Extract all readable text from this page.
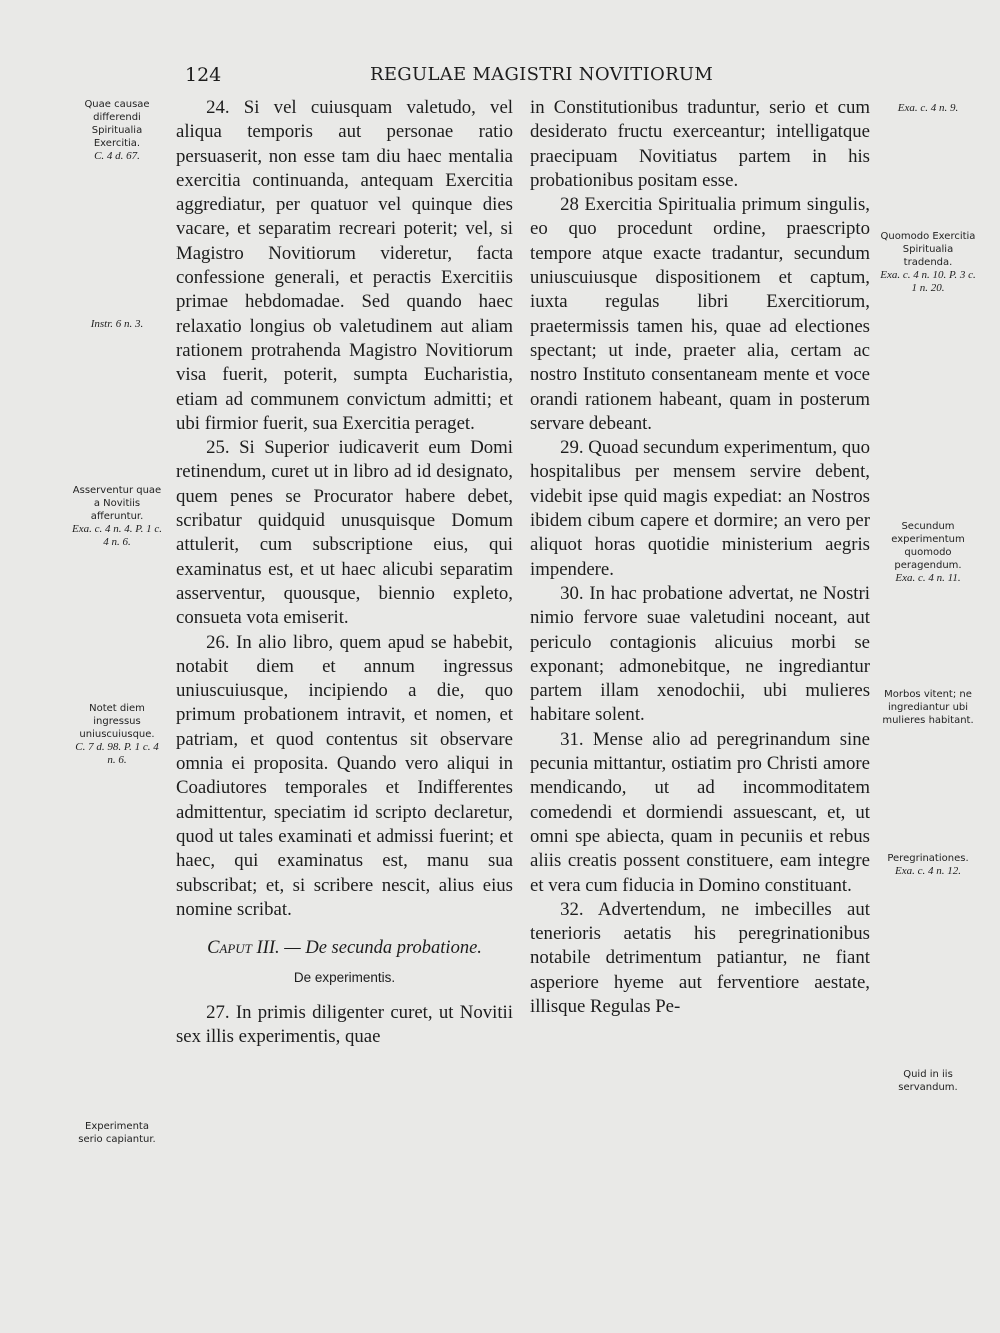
124	REGULAE MAGISTRI NOVITIORUM
Quae causae differendi Spiritualia Exercitia.
C. 4 d. 67.
Instr. 6 n. 3.
Asserventur quae a Novitiis afferuntur.
Exa. c. 4 n. 4. P. 1 c. 4 n. 6.
Notet diem ingressus uniuscuiusque.
C. 7 d. 98. P. 1 c. 4 n. 6.
Experimenta serio capiantur.
Exa. c. 4 n. 9.
Quomodo Exercitia Spiritualia tradenda.
Exa. c. 4 n. 10. P. 3 c. 1 n. 20.
Secundum experimentum quomodo peragendum.
Exa. c. 4 n. 11.
Morbos vitent; ne ingrediantur ubi mulieres habitant.
Peregrinationes.
Exa. c. 4 n. 12.
Quid in iis servandum.

24. Si vel cuiusquam valetudo, vel aliqua temporis aut personae ratio persuaserit, non esse tam diu haec mentalia exercitia continuanda, antequam Exercitia aggrediatur, per quatuor vel quinque dies vacare, et separatim recreari poterit; vel, si Magistro Novitiorum videretur, facta confessione generali, et peractis Exercitiis primae hebdomadae. Sed quando haec relaxatio longius ob valetudinem aut aliam rationem protrahenda Magistro Novitiorum visa fuerit, poterit, sumpta Eucharistia, etiam ad communem convictum admitti; et ubi firmior fuerit, sua Exercitia peraget.

25. Si Superior iudicaverit eum Domi retinendum, curet ut in libro ad id designato, quem penes se Procurator habere debet, scribatur quidquid unusquisque Domum attulerit, cum subscriptione eius, qui examinatus est, et ut haec alicubi separatim asserventur, quousque, biennio expleto, consueta vota emiserit.

26. In alio libro, quem apud se habebit, notabit diem et annum ingressus uniuscuiusque, incipiendo a die, quo primum probationem intravit, et nomen, et patriam, et quod contentus sit observare omnia ei proposita. Quando vero aliqui in Coadiutores temporales et Indifferentes admittentur, speciatim id scripto declaretur, quod ut tales examinati et admissi fuerint; et haec, qui examinatus est, manu sua subscribat; et, si scribere nescit, alius eius nomine scribat.

Caput III. — De secunda probatione.
De experimentis.

27. In primis diligenter curet, ut Novitii sex illis experimentis, quae

in Constitutionibus traduntur, serio et cum desiderato fructu exerceantur; intelligatque praecipuam Novitiatus partem in his probationibus positam esse.

28 Exercitia Spiritualia primum singulis, eo quo procedunt ordine, praescripto tempore atque exacte tradantur, secundum uniuscuiusque dispositionem et captum, iuxta regulas libri Exercitiorum, praetermissis tamen his, quae ad electiones spectant; ut inde, praeter alia, certam ac nostro Instituto consentaneam mente et voce orandi rationem habeant, quam in posterum servare debeant.

29. Quoad secundum experimentum, quo hospitalibus per mensem servire debent, videbit ipse quid magis expediat: an Nostros ibidem cibum capere et dormire; an vero per aliquot horas quotidie ministerium aegris impendere.

30. In hac probatione advertat, ne Nostri nimio fervore suae valetudini noceant, aut periculo contagionis alicuius morbi se exponant; admonebitque, ne ingrediantur partem illam xenodochii, ubi mulieres habitare solent.

31. Mense alio ad peregrinandum sine pecunia mittantur, ostiatim pro Christi amore mendicando, ut ad incommoditatem comedendi et dormiendi assuescant, et, ut omni spe abiecta, quam in pecuniis et rebus aliis creatis possent constituere, eam integre et vera cum fiducia in Domino constituant.

32. Advertendum, ne imbecilles aut tenerioris aetatis his peregrinationibus notabile detrimentum patiantur, ne fiant asperiore hyeme aut ferventiore aestate, illisque Regulas Pe-
